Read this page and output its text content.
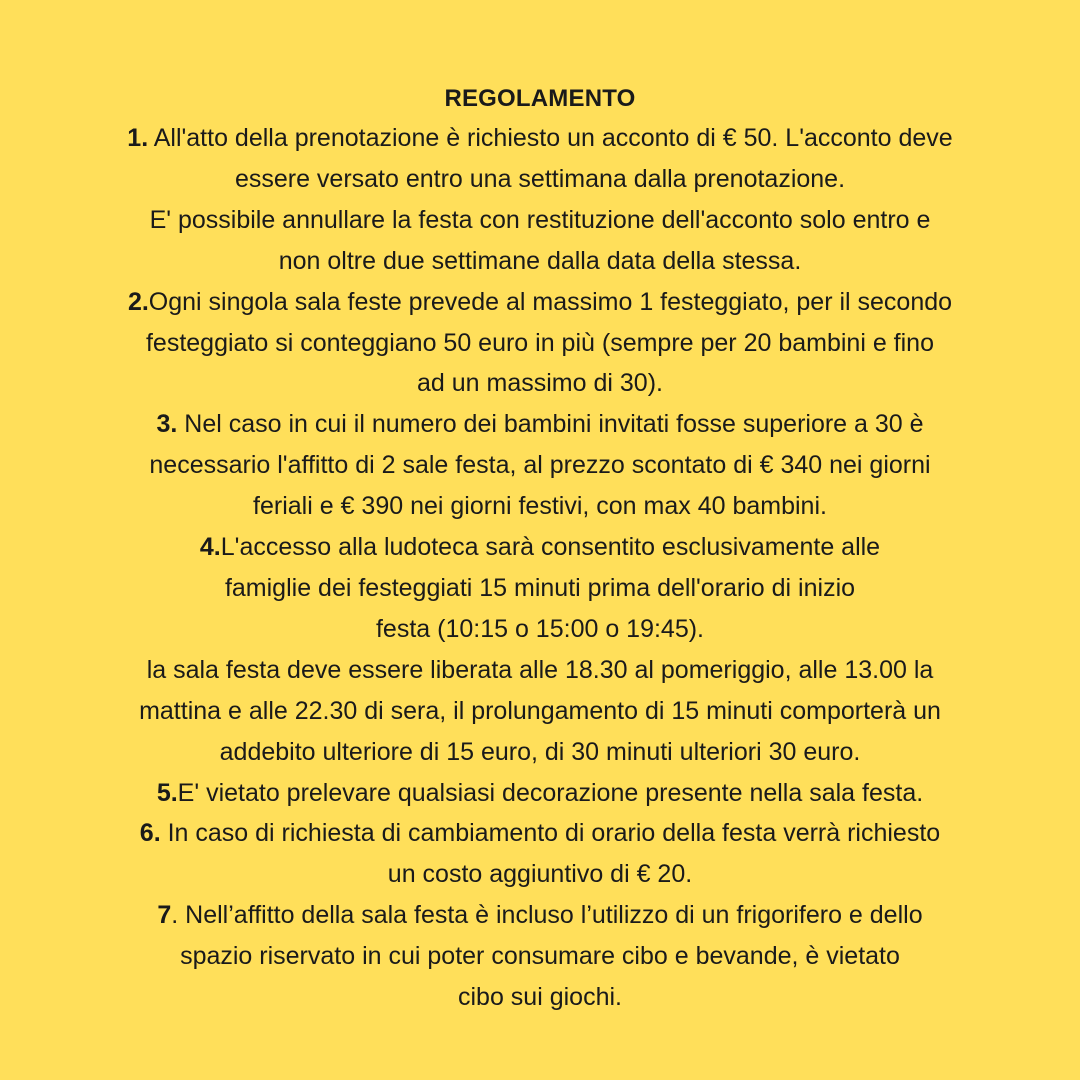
REGOLAMENTO

1. All'atto della prenotazione è richiesto un acconto di € 50. L'acconto deve

essere versato entro una settimana dalla prenotazione.

E' possibile annullare la festa con restituzione dell'acconto solo entro e

non oltre due settimane dalla data della stessa.

2.Ogni singola sala feste prevede al massimo 1 festeggiato, per il secondo

festeggiato si conteggiano 50 euro in più (sempre per 20 bambini e fino

ad un massimo di 30).

3. Nel caso in cui il numero dei bambini invitati fosse superiore a 30 è

necessario l'affitto di 2 sale festa, al prezzo scontato di € 340 nei giorni

feriali e € 390 nei giorni festivi, con max 40 bambini.

4.L'accesso alla ludoteca sarà consentito esclusivamente alle

famiglie dei festeggiati 15 minuti prima dell'orario di inizio

festa (10:15 o 15:00 o 19:45).

la sala festa deve essere liberata alle 18.30 al pomeriggio, alle 13.00 la

mattina e alle 22.30 di sera, il prolungamento di 15 minuti comporterà un

addebito ulteriore di 15 euro, di 30 minuti ulteriori 30 euro.

5.E' vietato prelevare qualsiasi decorazione presente nella sala festa.

6. In caso di richiesta di cambiamento di orario della festa verrà richiesto

un costo aggiuntivo di € 20.

7. Nell’affitto della sala festa è incluso l’utilizzo di un frigorifero e dello

spazio riservato in cui poter consumare cibo e bevande, è vietato

cibo sui giochi.
